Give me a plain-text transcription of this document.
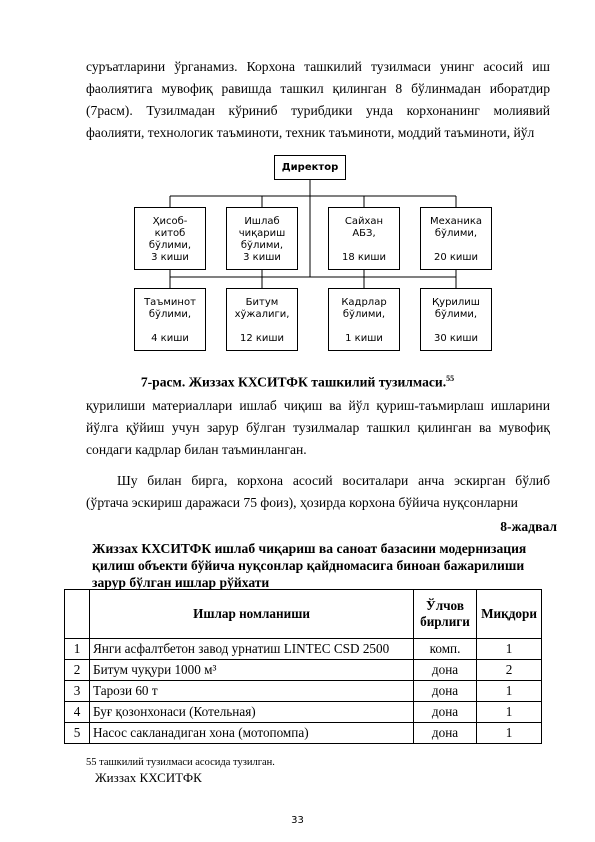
суръатларини ўрганамиз. Корхона ташкилий тузилмаси унинг асосий иш
фаолиятига мувофиқ равишда ташкил қилинган 8 бўлинмадан иборатдир
(7расм). Тузилмадан кўриниб турибдики унда корхонанинг молиявий
фаолияти, технологик таъминоти, техник таъминоти, моддий таъминоти, йўл
Директор
Ҳисоб-
китоб
бўлими,
3 киши
Ишлаб
чиқариш
бўлими,
3 киши
Сайхан
АБЗ,
18 киши
Механика
бўлими,
20 киши
Таъминот
бўлими,
4 киши
Битум
хўжалиги,
12 киши
Кадрлар
бўлими,
1 киши
Қурилиш
бўлими,
30 киши
7-расм. Жиззах КХСИТФК ташкилий тузилмаси.$^{55}$
қурилиши материаллари ишлаб чиқиш ва йўл қуриш-таъмирлаш ишларини
йўлга қўйиш учун зарур бўлган тузилмалар ташкил қилинган ва мувофиқ
сондаги кадрлар билан таъминланган.
Шу билан бирга, корхона асосий воситалари анча эскирган бўлиб
(ўртача эскириш даражаси 75 фоиз), ҳозирда корхона бўйича нуқсонларни
8-жадвал
Жиззах КХСИТФК ишлаб чиқариш ва саноат базасини модернизация
қилиш объекти бўйича нуқсонлар қайдномасига биноан бажарилиши
зарур бўлган ишлар рўйхати
	Ишлар номланиши	Ўлчов
бирлиги	Миқдори
1	Янги асфалтбетон завод урнатиш LINTEC CSD 2500	комп.	1
2	Битум чуқури 1000 м³	дона	2
3	Тарози 60 т	дона	1
4	Буғ қозонхонаси (Котельная)	дона	1
5	Насос сакланадиган хона (мотопомпа)	дона	1
55 ташкилий тузилмаси асосида тузилган.
Жиззах КХСИТФК
33
